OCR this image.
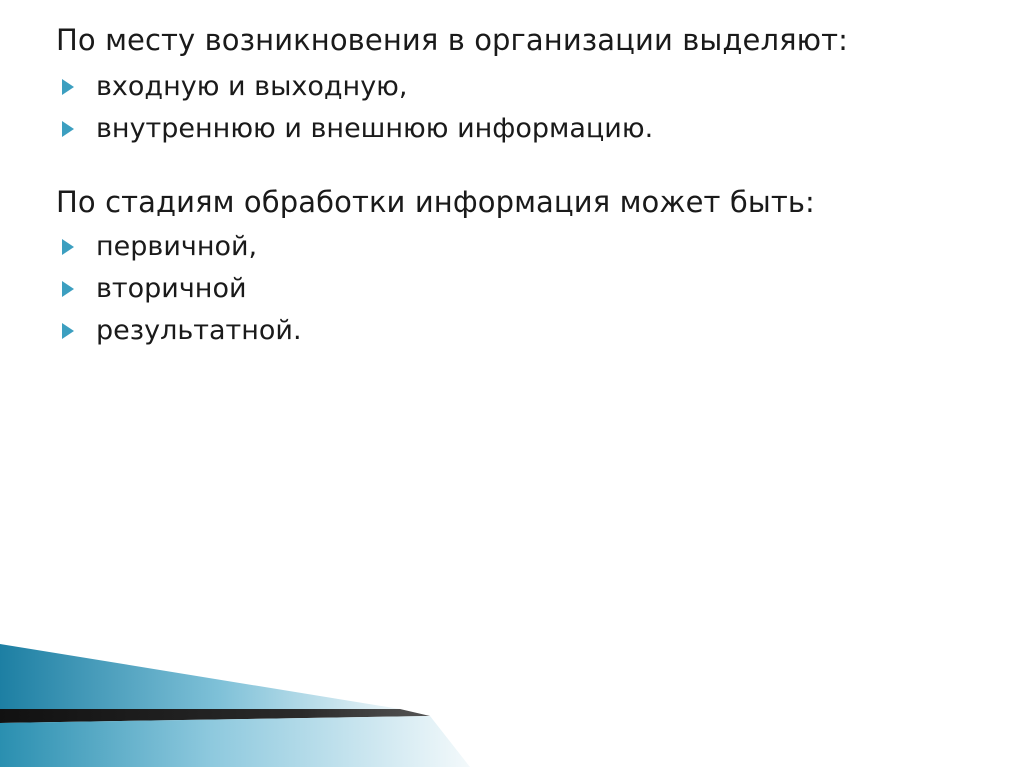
По месту возникновения в организации выделяют:

входную и выходную,
внутреннюю и внешнюю информацию.

По стадиям обработки информация может быть:

первичной,
вторичной
результатной.
